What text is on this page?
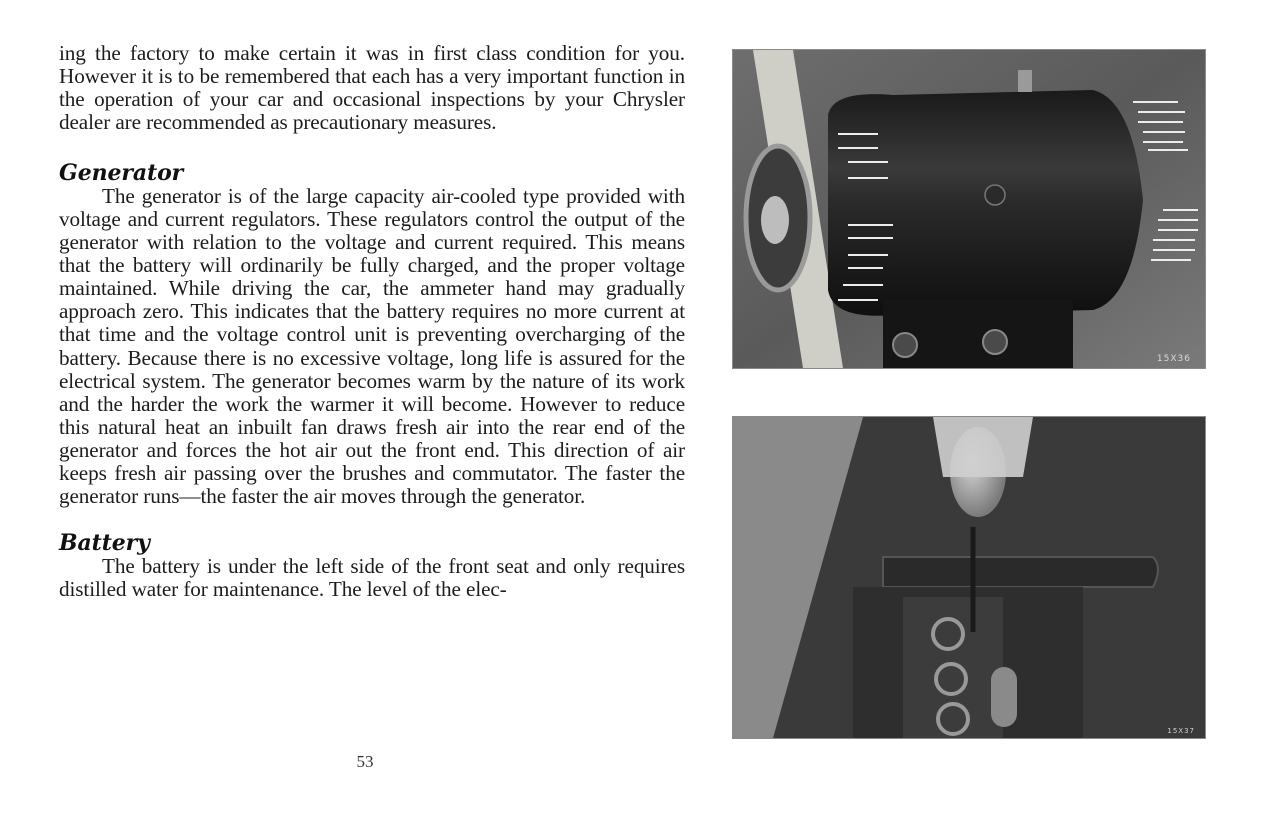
ing the factory to make certain it was in first class condition for you. However it is to be remembered that each has a very important function in the operation of your car and occasional inspections by your Chrysler dealer are recommended as precautionary measures.

Generator

The generator is of the large capacity air-cooled type provided with voltage and current regulators. These regulators control the output of the generator with relation to the voltage and current required. This means that the battery will ordinarily be fully charged, and the proper voltage maintained. While driving the car, the ammeter hand may gradually approach zero. This indicates that the battery requires no more current at that time and the voltage control unit is preventing overcharging of the battery. Because there is no excessive voltage, long life is assured for the electrical system. The generator becomes warm by the nature of its work and the harder the work the warmer it will become. However to reduce this natural heat an inbuilt fan draws fresh air into the rear end of the generator and forces the hot air out the front end. This direction of air keeps fresh air passing over the brushes and commutator. The faster the generator runs—the faster the air moves through the generator.

Battery

The battery is under the left side of the front seat and only requires distilled water for maintenance. The level of the elec-

53
15X36
15X37
